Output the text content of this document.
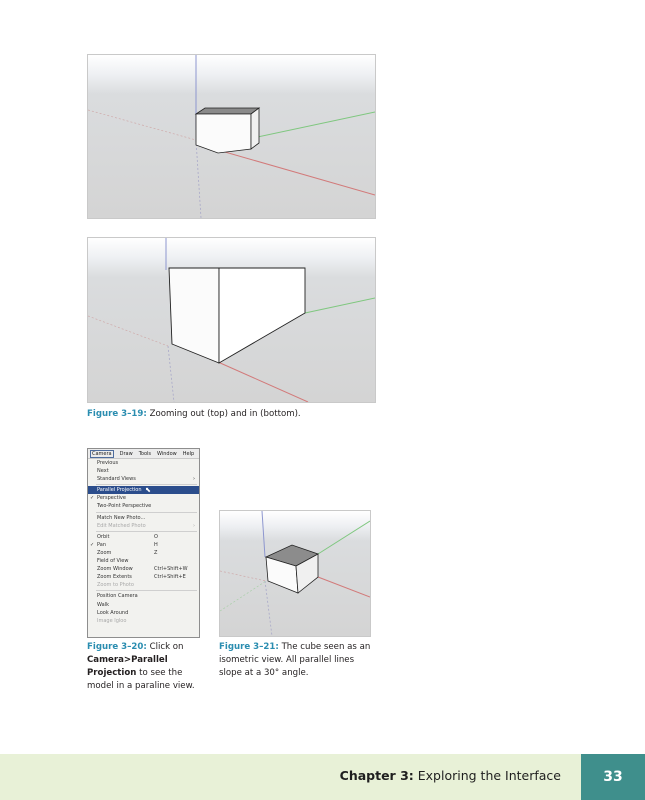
Figure 3–19: Zooming out (top) and in (bottom).
Camera	Draw Tools Window Help
Previous
Next
Standard Views	›
Parallel Projection ⬉
✓ Perspective
Two-Point Perspective
Match New Photo...
Edit Matched Photo	›
Orbit	O
✓ Pan	H
Zoom	Z
Field of View
Zoom Window	Ctrl+Shift+W
Zoom Extents	Ctrl+Shift+E
Zoom to Photo
Position Camera
Walk
Look Around
Image Igloo
Figure 3–20: Click on Camera>Parallel Projection to see the model in a paraline view.
Figure 3–21: The cube seen as an isometric view. All parallel lines slope at a 30° angle.
Chapter 3: Exploring the Interface	33
